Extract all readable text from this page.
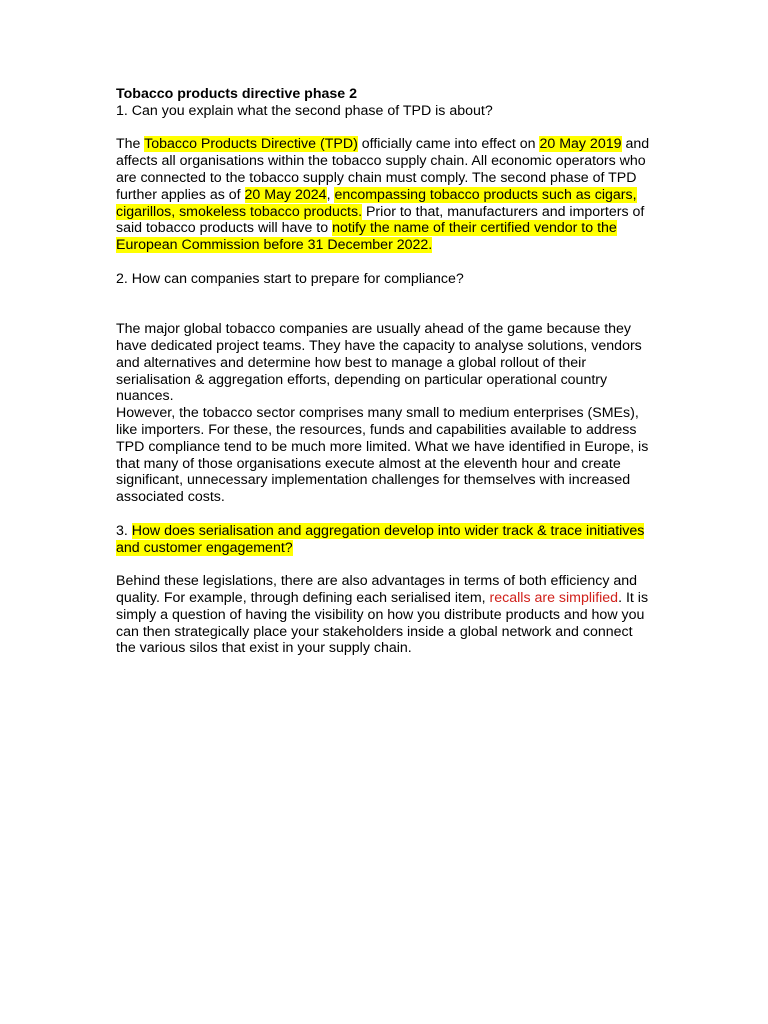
Tobacco products directive phase 2

1. Can you explain what the second phase of TPD is about?

The Tobacco Products Directive (TPD) officially came into effect on 20 May 2019 and affects all organisations within the tobacco supply chain. All economic operators who are connected to the tobacco supply chain must comply. The second phase of TPD further applies as of 20 May 2024, encompassing tobacco products such as cigars, cigarillos, smokeless tobacco products. Prior to that, manufacturers and importers of said tobacco products will have to notify the name of their certified vendor to the European Commission before 31 December 2022.

2. How can companies start to prepare for compliance?

The major global tobacco companies are usually ahead of the game because they have dedicated project teams. They have the capacity to analyse solutions, vendors and alternatives and determine how best to manage a global rollout of their serialisation & aggregation efforts, depending on particular operational country nuances.

However, the tobacco sector comprises many small to medium enterprises (SMEs), like importers. For these, the resources, funds and capabilities available to address TPD compliance tend to be much more limited. What we have identified in Europe, is that many of those organisations execute almost at the eleventh hour and create significant, unnecessary implementation challenges for themselves with increased associated costs.

3. How does serialisation and aggregation develop into wider track & trace initiatives and customer engagement?

Behind these legislations, there are also advantages in terms of both efficiency and quality. For example, through defining each serialised item, recalls are simplified. It is simply a question of having the visibility on how you distribute products and how you can then strategically place your stakeholders inside a global network and connect the various silos that exist in your supply chain.
